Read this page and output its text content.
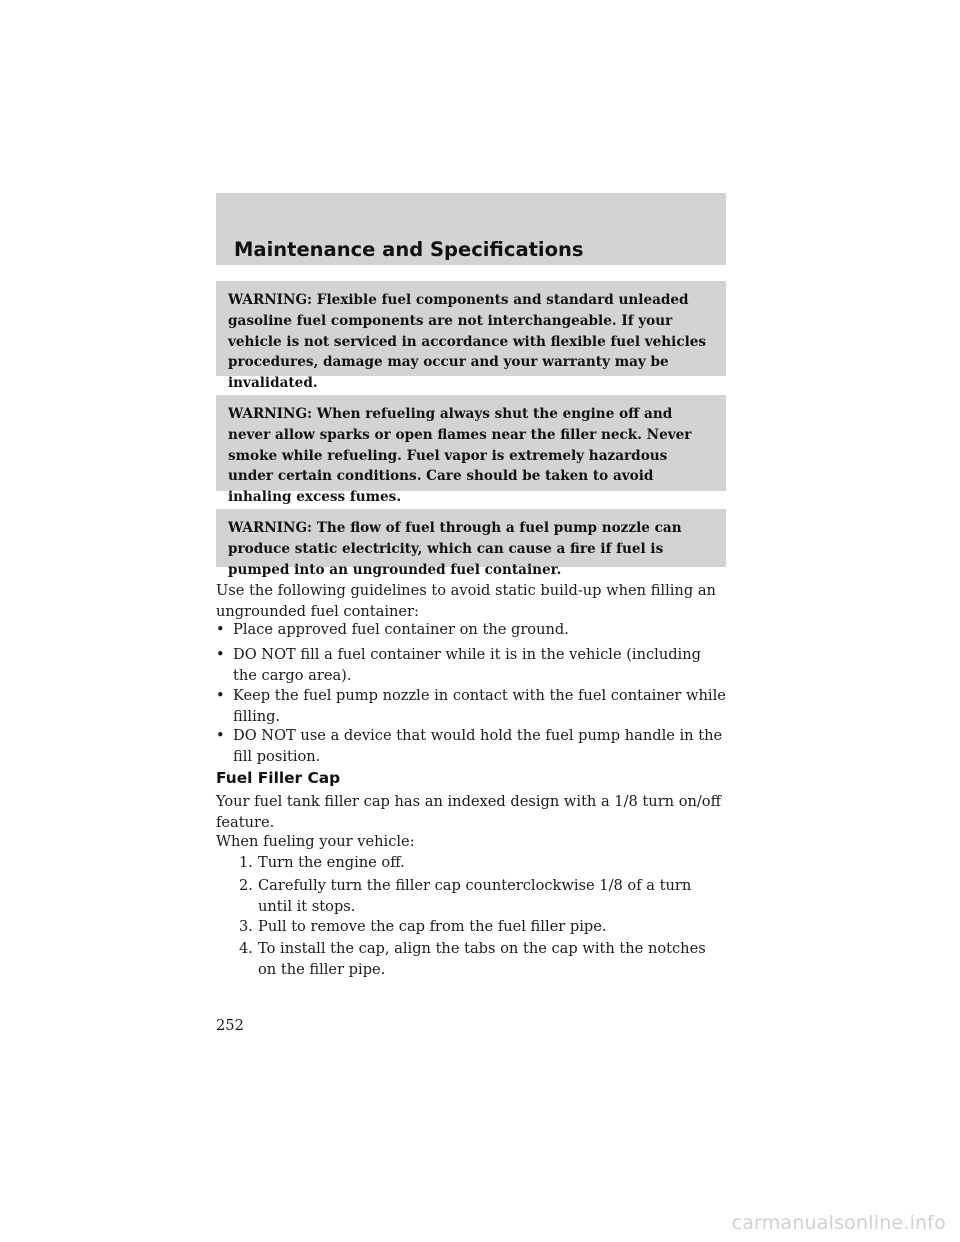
Maintenance and Specifications
WARNING: Flexible fuel components and standard unleaded gasoline fuel components are not interchangeable. If your vehicle is not serviced in accordance with flexible fuel vehicles procedures, damage may occur and your warranty may be invalidated.
WARNING: When refueling always shut the engine off and never allow sparks or open flames near the filler neck. Never smoke while refueling. Fuel vapor is extremely hazardous under certain conditions. Care should be taken to avoid inhaling excess fumes.
WARNING: The flow of fuel through a fuel pump nozzle can produce static electricity, which can cause a fire if fuel is pumped into an ungrounded fuel container.
Use the following guidelines to avoid static build-up when filling an ungrounded fuel container:
• Place approved fuel container on the ground.
• DO NOT fill a fuel container while it is in the vehicle (including the cargo area).
• Keep the fuel pump nozzle in contact with the fuel container while filling.
• DO NOT use a device that would hold the fuel pump handle in the fill position.
Fuel Filler Cap
Your fuel tank filler cap has an indexed design with a 1/8 turn on/off feature.
When fueling your vehicle:
1. Turn the engine off.
2. Carefully turn the filler cap counterclockwise 1/8 of a turn until it stops.
3. Pull to remove the cap from the fuel filler pipe.
4. To install the cap, align the tabs on the cap with the notches on the filler pipe.
252
carmanualsonline.info
